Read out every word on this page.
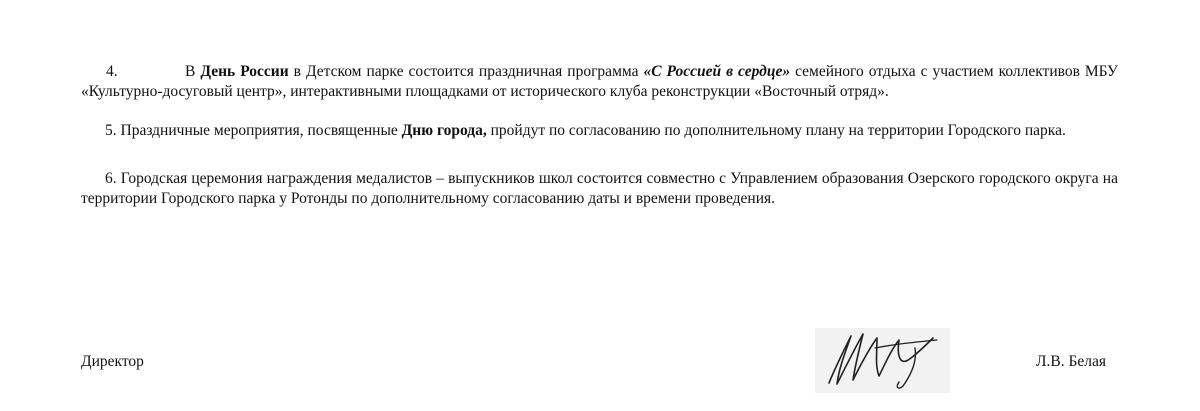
4.	В День России в Детском парке состоится праздничная программа «С Россией в сердце» семейного отдыха с участием коллективов МБУ «Культурно-досуговый центр», интерактивными площадками от исторического клуба реконструкции «Восточный отряд».

5. Праздничные мероприятия, посвященные Дню города, пройдут по согласованию по дополнительному плану на территории Городского парка.

6. Городская церемония награждения медалистов – выпускников школ состоится совместно с Управлением образования Озерского городского округа на территории Городского парка у Ротонды по дополнительному согласованию даты и времени проведения.

Директор	Л.В. Белая
